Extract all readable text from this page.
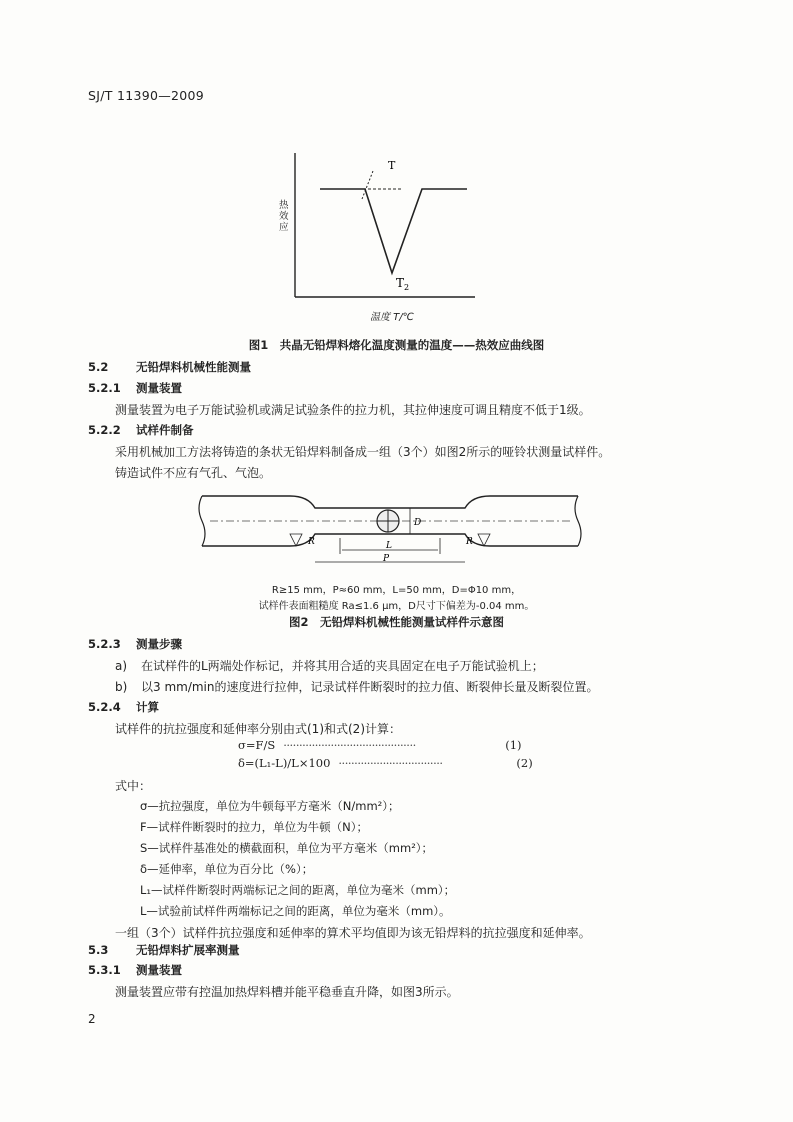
SJ/T 11390—2009
T
$T_2$
热效应
温度 T/℃
图1　共晶无铅焊料熔化温度测量的温度——热效应曲线图
5.2 无铅焊料机械性能测量
5.2.1 测量装置
测量装置为电子万能试验机或满足试验条件的拉力机，其拉伸速度可调且精度不低于1级。
5.2.2 试样件制备
采用机械加工方法将铸造的条状无铅焊料制备成一组（3个）如图2所示的哑铃状测量试样件。
铸造试件不应有气孔、气泡。
D
L
P
R	R
R≥15 mm，P≈60 mm，L=50 mm，D=Φ10 mm，
试样件表面粗糙度 Ra≤1.6 μm，D尺寸下偏差为-0.04 mm。
图2　无铅焊料机械性能测量试样件示意图
5.2.3 测量步骤
a) 在试样件的L两端处作标记，并将其用合适的夹具固定在电子万能试验机上；
b) 以3 mm/min的速度进行拉伸，记录试样件断裂时的拉力值、断裂伸长量及断裂位置。
5.2.4 计算
试样件的抗拉强度和延伸率分别由式(1)和式(2)计算：
σ=F/S ··········································	(1)
δ=(L₁-L)/L×100 ·································	(2)
式中：
σ—抗拉强度，单位为牛顿每平方毫米（N/mm²）；
F—试样件断裂时的拉力，单位为牛顿（N）；
S—试样件基准处的横截面积，单位为平方毫米（mm²）；
δ—延伸率，单位为百分比（%）；
L₁—试样件断裂时两端标记之间的距离，单位为毫米（mm）；
L—试验前试样件两端标记之间的距离，单位为毫米（mm）。
一组（3个）试样件抗拉强度和延伸率的算术平均值即为该无铅焊料的抗拉强度和延伸率。
5.3 无铅焊料扩展率测量
5.3.1 测量装置
测量装置应带有控温加热焊料槽并能平稳垂直升降，如图3所示。
2
